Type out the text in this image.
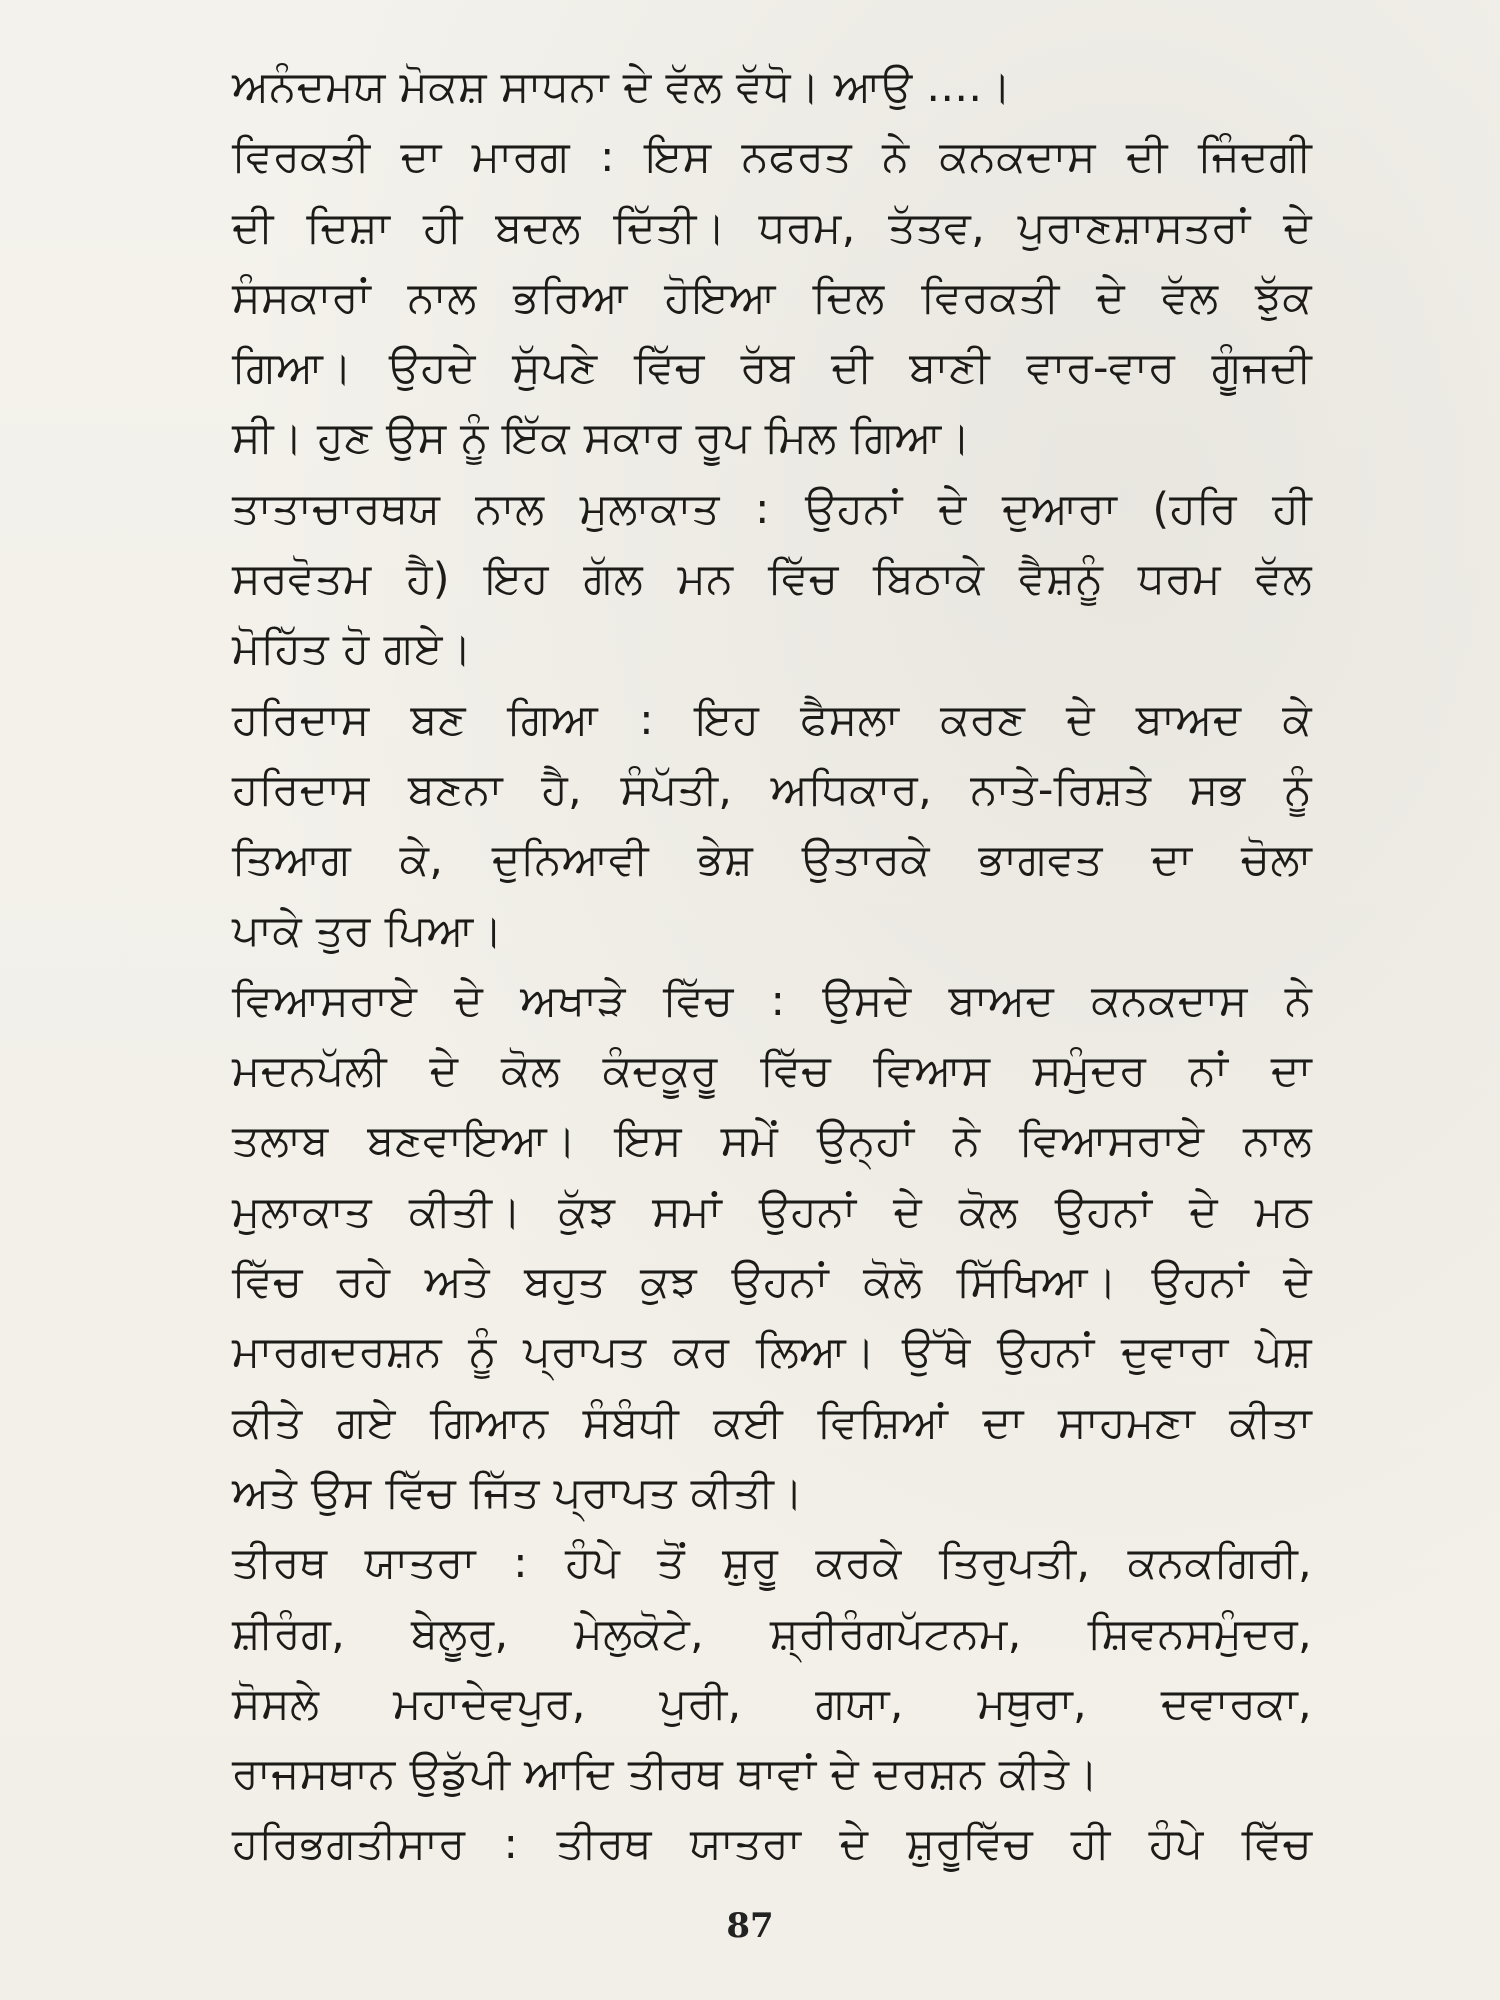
ਅਨੰਦਮਯ ਮੋਕਸ਼ ਸਾਧਨਾ ਦੇ ਵੱਲ ਵੱਧੋ। ਆਉ ....।
ਵਿਰਕਤੀ ਦਾ ਮਾਰਗ : ਇਸ ਨਫਰਤ ਨੇ ਕਨਕਦਾਸ ਦੀ ਜਿੰਦਗੀ
ਦੀ ਦਿਸ਼ਾ ਹੀ ਬਦਲ ਦਿੱਤੀ। ਧਰਮ, ਤੱਤਵ, ਪੁਰਾਣਸ਼ਾਸਤਰਾਂ ਦੇ
ਸੰਸਕਾਰਾਂ ਨਾਲ ਭਰਿਆ ਹੋਇਆ ਦਿਲ ਵਿਰਕਤੀ ਦੇ ਵੱਲ ਝੁੱਕ
ਗਿਆ। ਉਹਦੇ ਸੁੱਪਣੇ ਵਿੱਚ ਰੱਬ ਦੀ ਬਾਣੀ ਵਾਰ-ਵਾਰ ਗੂੰਜਦੀ
ਸੀ। ਹੁਣ ਉਸ ਨੂੰ ਇੱਕ ਸਕਾਰ ਰੂਪ ਮਿਲ ਗਿਆ।
ਤਾਤਾਚਾਰਥਯ ਨਾਲ ਮੁਲਾਕਾਤ : ਉਹਨਾਂ ਦੇ ਦੁਆਰਾ (ਹਰਿ ਹੀ
ਸਰਵੋਤਮ ਹੈ) ਇਹ ਗੱਲ ਮਨ ਵਿੱਚ ਬਿਠਾਕੇ ਵੈਸ਼ਨੂੰ ਧਰਮ ਵੱਲ
ਮੋਹਿੱਤ ਹੋ ਗਏ।
ਹਰਿਦਾਸ ਬਣ ਗਿਆ : ਇਹ ਫੈਸਲਾ ਕਰਣ ਦੇ ਬਾਅਦ ਕੇ
ਹਰਿਦਾਸ ਬਣਨਾ ਹੈ, ਸੰਪੱਤੀ, ਅਧਿਕਾਰ, ਨਾਤੇ-ਰਿਸ਼ਤੇ ਸਭ ਨੂੰ
ਤਿਆਗ ਕੇ, ਦੁਨਿਆਵੀ ਭੇਸ਼ ਉਤਾਰਕੇ ਭਾਗਵਤ ਦਾ ਚੋਲਾ
ਪਾਕੇ ਤੁਰ ਪਿਆ।
ਵਿਆਸਰਾਏ ਦੇ ਅਖਾੜੇ ਵਿੱਚ : ਉਸਦੇ ਬਾਅਦ ਕਨਕਦਾਸ ਨੇ
ਮਦਨਪੱਲੀ ਦੇ ਕੋਲ ਕੰਦਕੂਰੂ ਵਿੱਚ ਵਿਆਸ ਸਮੁੰਦਰ ਨਾਂ ਦਾ
ਤਲਾਬ ਬਣਵਾਇਆ। ਇਸ ਸਮੇਂ ਉਨ੍ਹਾਂ ਨੇ ਵਿਆਸਰਾਏ ਨਾਲ
ਮੁਲਾਕਾਤ ਕੀਤੀ। ਕੁੱਝ ਸਮਾਂ ਉਹਨਾਂ ਦੇ ਕੋਲ ਉਹਨਾਂ ਦੇ ਮਠ
ਵਿੱਚ ਰਹੇ ਅਤੇ ਬਹੁਤ ਕੁਝ ਉਹਨਾਂ ਕੋਲੋ ਸਿੱਖਿਆ। ਉਹਨਾਂ ਦੇ
ਮਾਰਗਦਰਸ਼ਨ ਨੂੰ ਪ੍ਰਾਪਤ ਕਰ ਲਿਆ। ਉੱਥੇ ਉਹਨਾਂ ਦੁਵਾਰਾ ਪੇਸ਼
ਕੀਤੇ ਗਏ ਗਿਆਨ ਸੰਬੰਧੀ ਕਈ ਵਿਸ਼ਿਆਂ ਦਾ ਸਾਹਮਣਾ ਕੀਤਾ
ਅਤੇ ਉਸ ਵਿੱਚ ਜਿੱਤ ਪ੍ਰਾਪਤ ਕੀਤੀ।
ਤੀਰਥ ਯਾਤਰਾ : ਹੰਪੇ ਤੋਂ ਸ਼ੁਰੂ ਕਰਕੇ ਤਿਰੁਪਤੀ, ਕਨਕਗਿਰੀ,
ਸ਼ੀਰੰਗ, ਬੇਲੂਰੁ, ਮੇਲੁਕੋਟੇ, ਸ਼੍ਰੀਰੰਗਪੱਟਨਮ, ਸ਼ਿਵਨਸਮੁੰਦਰ,
ਸੋਸਲੇ ਮਹਾਦੇਵਪੁਰ, ਪੁਰੀ, ਗਯਾ, ਮਥੁਰਾ, ਦਵਾਰਕਾ,
ਰਾਜਸਥਾਨ ਉਡੁੱਪੀ ਆਦਿ ਤੀਰਥ ਥਾਵਾਂ ਦੇ ਦਰਸ਼ਨ ਕੀਤੇ।
ਹਰਿਭਗਤੀਸਾਰ : ਤੀਰਥ ਯਾਤਰਾ ਦੇ ਸ਼ੁਰੂਵਿੱਚ ਹੀ ਹੰਪੇ ਵਿੱਚ
87
